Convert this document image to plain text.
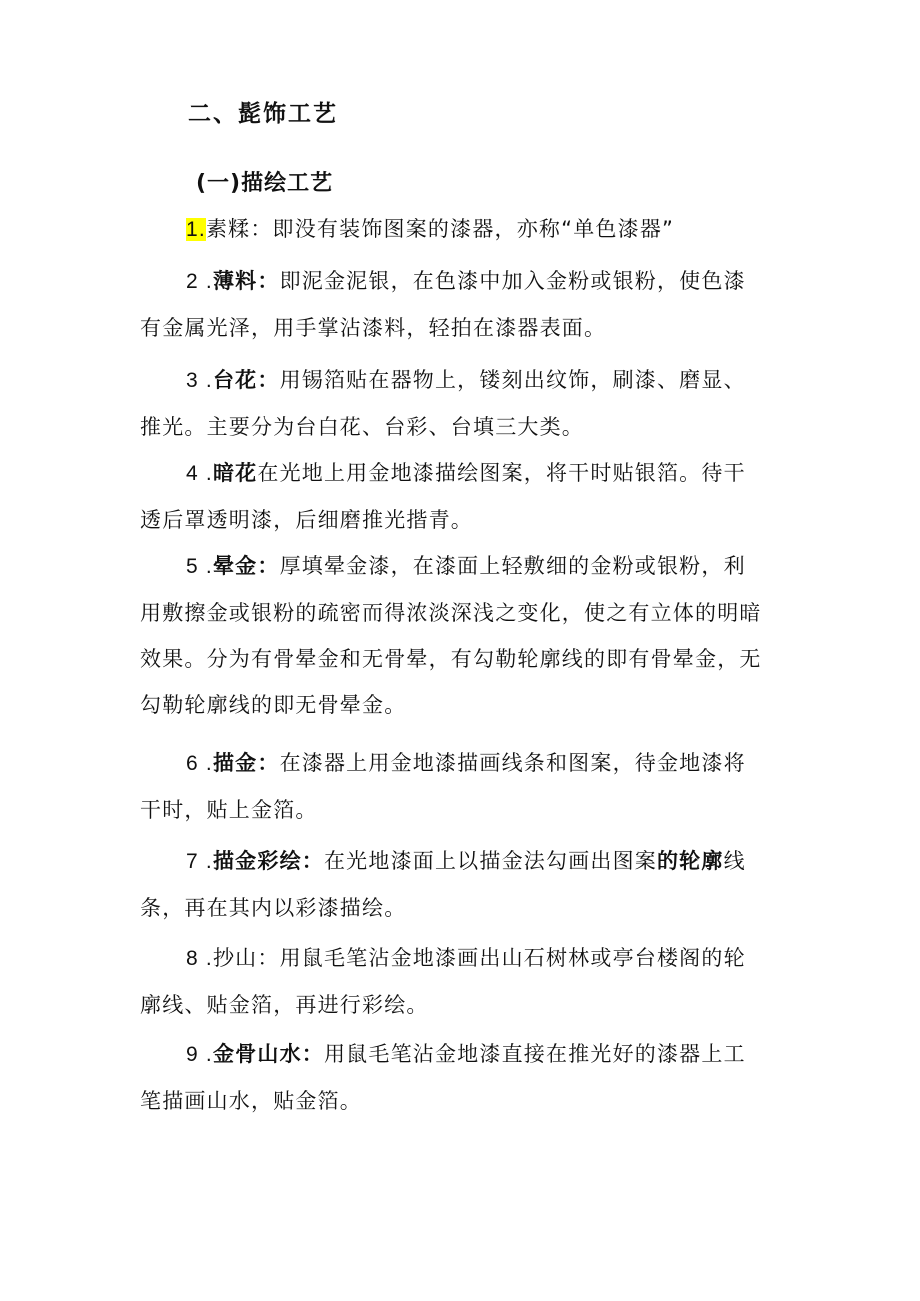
二、髭饰工艺
(一)描绘工艺
1.素糅：即没有装饰图案的漆器，亦称“单色漆器”
2 .薄料：即泥金泥银，在色漆中加入金粉或银粉，使色漆
有金属光泽，用手掌沾漆料，轻拍在漆器表面。
3 .台花：用锡箔贴在器物上，镂刻出纹饰，刷漆、磨显、
推光。主要分为台白花、台彩、台填三大类。
4 .暗花在光地上用金地漆描绘图案，将干时贴银箔。待干
透后罩透明漆，后细磨推光揩青。
5 .晕金：厚填晕金漆，在漆面上轻敷细的金粉或银粉，利
用敷擦金或银粉的疏密而得浓淡深浅之变化，使之有立体的明暗
效果。分为有骨晕金和无骨晕，有勾勒轮廓线的即有骨晕金，无
勾勒轮廓线的即无骨晕金。
6 .描金：在漆器上用金地漆描画线条和图案，待金地漆将
干时，贴上金箔。
7 .描金彩绘：在光地漆面上以描金法勾画出图案的轮廓线
条，再在其内以彩漆描绘。
8 .抄山：用鼠毛笔沾金地漆画出山石树林或亭台楼阁的轮
廓线、贴金箔，再进行彩绘。
9 .金骨山水：用鼠毛笔沾金地漆直接在推光好的漆器上工
笔描画山水，贴金箔。
